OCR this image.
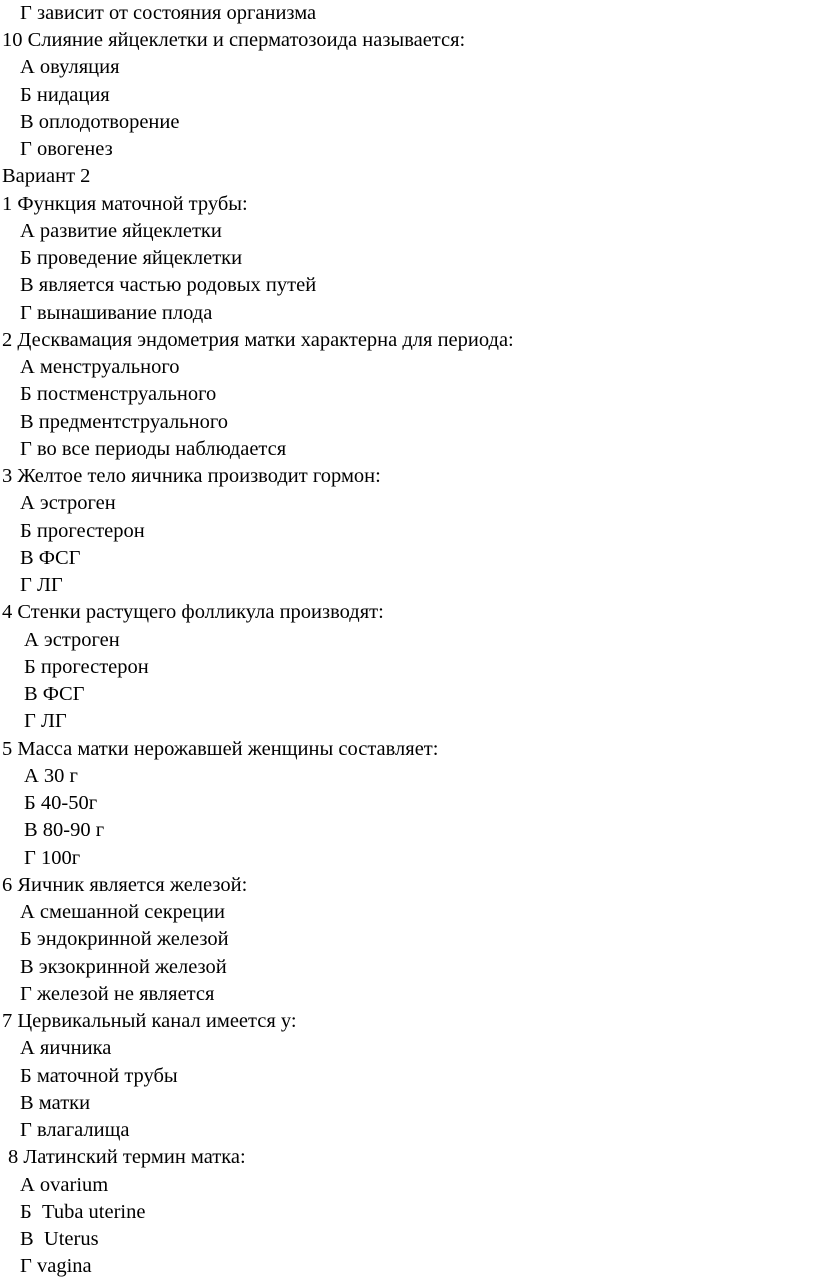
Г зависит от состояния организма
10 Слияние яйцеклетки и сперматозоида называется:
А овуляция
Б нидация
В оплодотворение
Г овогенез
Вариант 2
1 Функция маточной трубы:
А развитие яйцеклетки
Б проведение яйцеклетки
В является частью родовых путей
Г вынашивание плода
2 Десквамация эндометрия матки характерна для периода:
А менструального
Б постменструального
В предментструального
Г во все периоды наблюдается
3 Желтое тело яичника производит гормон:
А эстроген
Б прогестерон
В ФСГ
Г ЛГ
4 Стенки растущего фолликула производят:
А эстроген
Б прогестерон
В ФСГ
Г ЛГ
5 Масса матки нерожавшей женщины составляет:
А 30 г
Б 40-50г
В 80-90 г
Г 100г
6 Яичник является железой:
А смешанной секреции
Б эндокринной железой
В экзокринной железой
Г железой не является
7 Цервикальный канал имеется у:
А яичника
Б маточной трубы
В матки
Г влагалища
8 Латинский термин матка:
А ovarium
Б  Tuba uterine
В  Uterus
Г vagina
